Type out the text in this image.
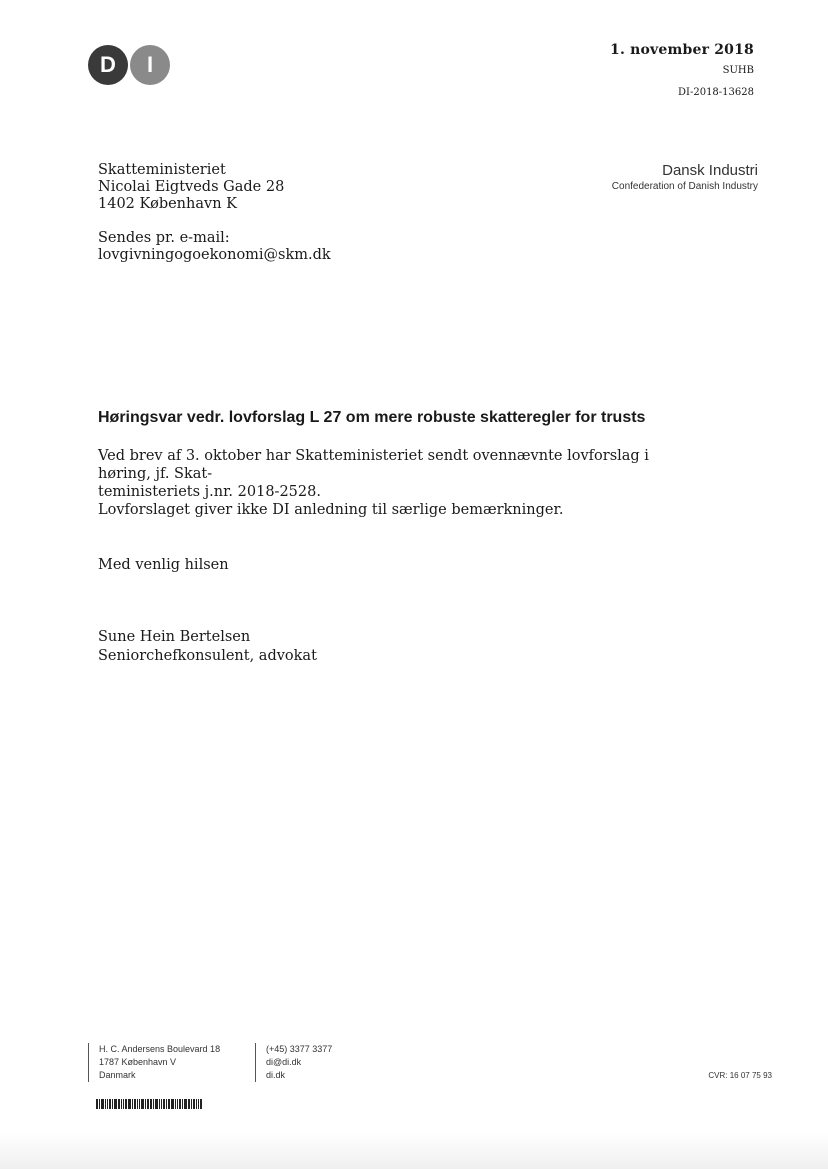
D	I
1. november 2018
SUHB
DI-2018-13628
Skatteministeriet
Nicolai Eigtveds Gade 28
1402 København K
Sendes pr. e-mail:
lovgivningogoekonomi@skm.dk
Dansk Industri
Confederation of Danish Industry
Høringsvar vedr. lovforslag L 27 om mere robuste skatteregler for trusts
Ved brev af 3. oktober har Skatteministeriet sendt ovennævnte lovforslag i høring, jf. Skat-
teministeriets j.nr. 2018-2528.
Lovforslaget giver ikke DI anledning til særlige bemærkninger.
Med venlig hilsen
Sune Hein Bertelsen
Seniorchefkonsulent, advokat
H. C. Andersens Boulevard 18
1787 København V
Danmark
(+45) 3377 3377
di@di.dk
di.dk	CVR: 16 07 75 93
